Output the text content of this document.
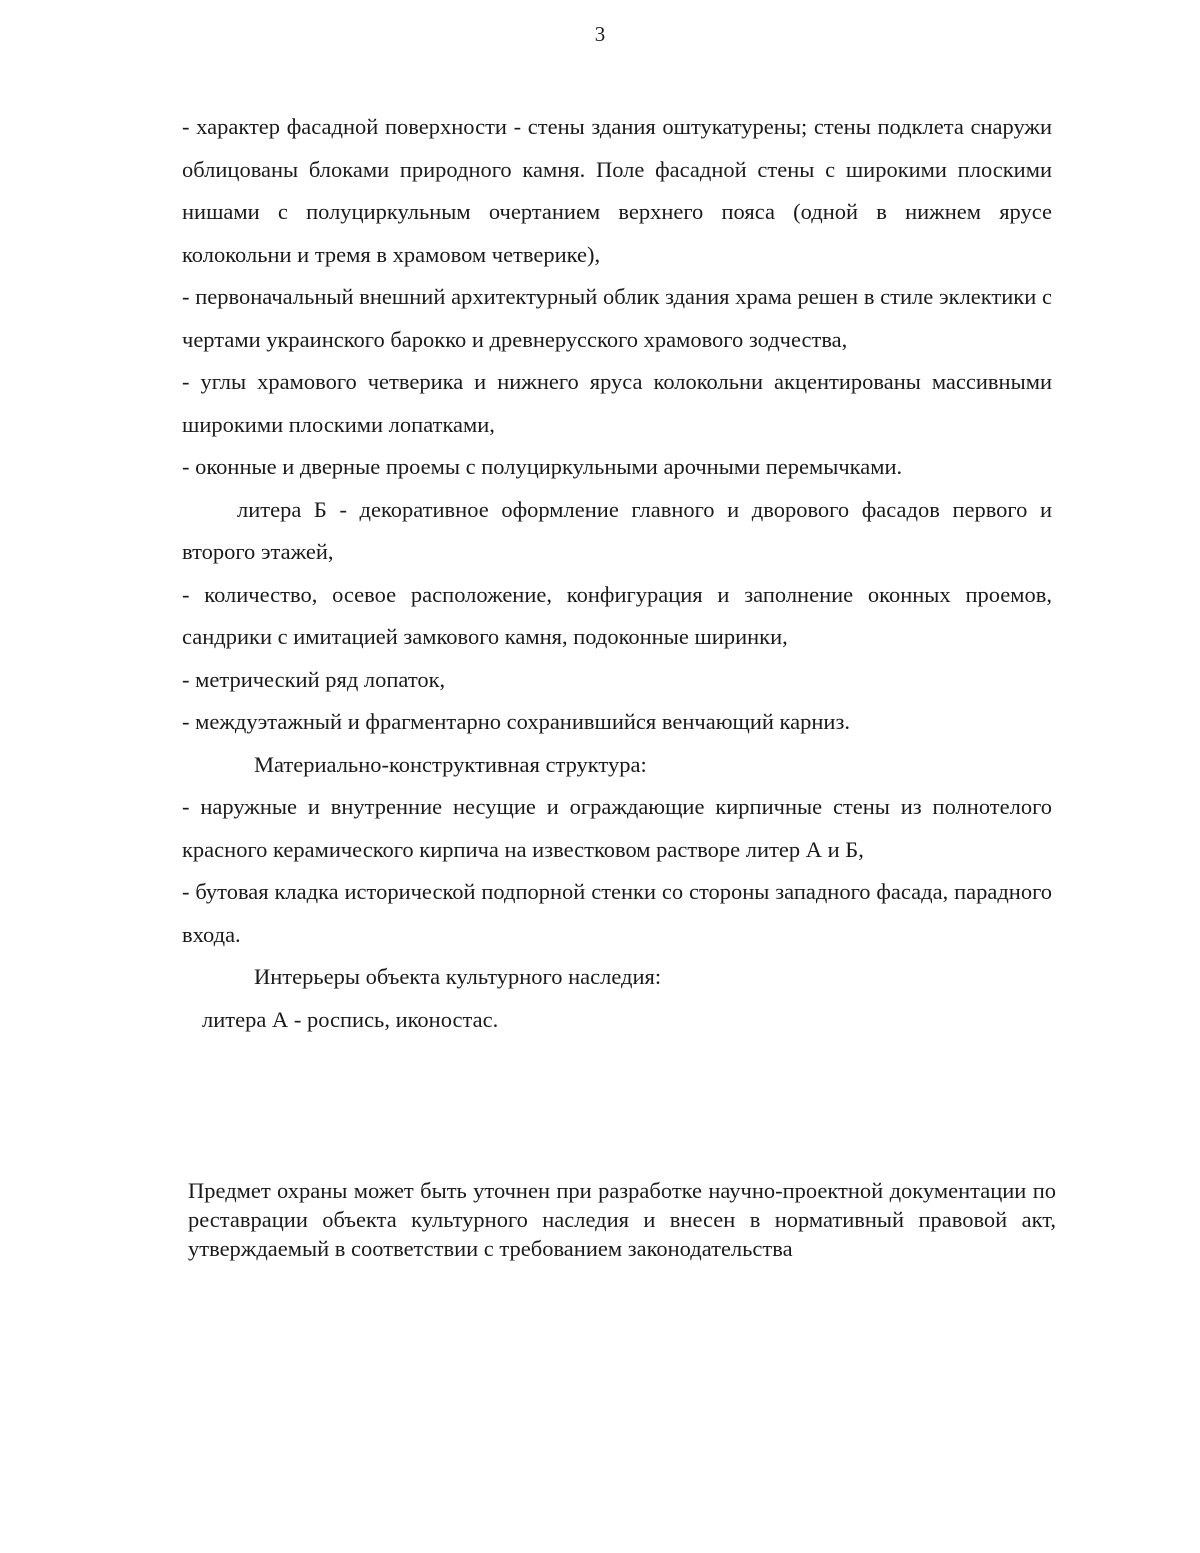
3

- характер фасадной поверхности - стены здания оштукатурены; стены подклета снаружи облицованы блоками природного камня. Поле фасадной стены с широкими плоскими нишами с полуциркульным очертанием верхнего пояса (одной в нижнем ярусе колокольни и тремя в храмовом четверике),

- первоначальный внешний архитектурный облик здания храма решен в стиле эклектики с чертами украинского барокко и древнерусского храмового зодчества,

- углы храмового четверика и нижнего яруса колокольни акцентированы массивными широкими плоскими лопатками,

- оконные и дверные проемы с полуциркульными арочными перемычками.

литера Б - декоративное оформление главного и дворового фасадов первого и второго этажей,

- количество, осевое расположение, конфигурация и заполнение оконных проемов, сандрики с имитацией замкового камня, подоконные ширинки,

- метрический ряд лопаток,

- междуэтажный и фрагментарно сохранившийся венчающий карниз.

Материально-конструктивная структура:

- наружные и внутренние несущие и ограждающие кирпичные стены из полнотелого красного керамического кирпича на известковом растворе литер А и Б,

- бутовая кладка исторической подпорной стенки со стороны западного фасада, парадного входа.

Интерьеры объекта культурного наследия:

литера А - роспись, иконостас.

Предмет охраны может быть уточнен при разработке научно-проектной документации по реставрации объекта культурного наследия и внесен в нормативный правовой акт, утверждаемый в соответствии с требованием законодательства
